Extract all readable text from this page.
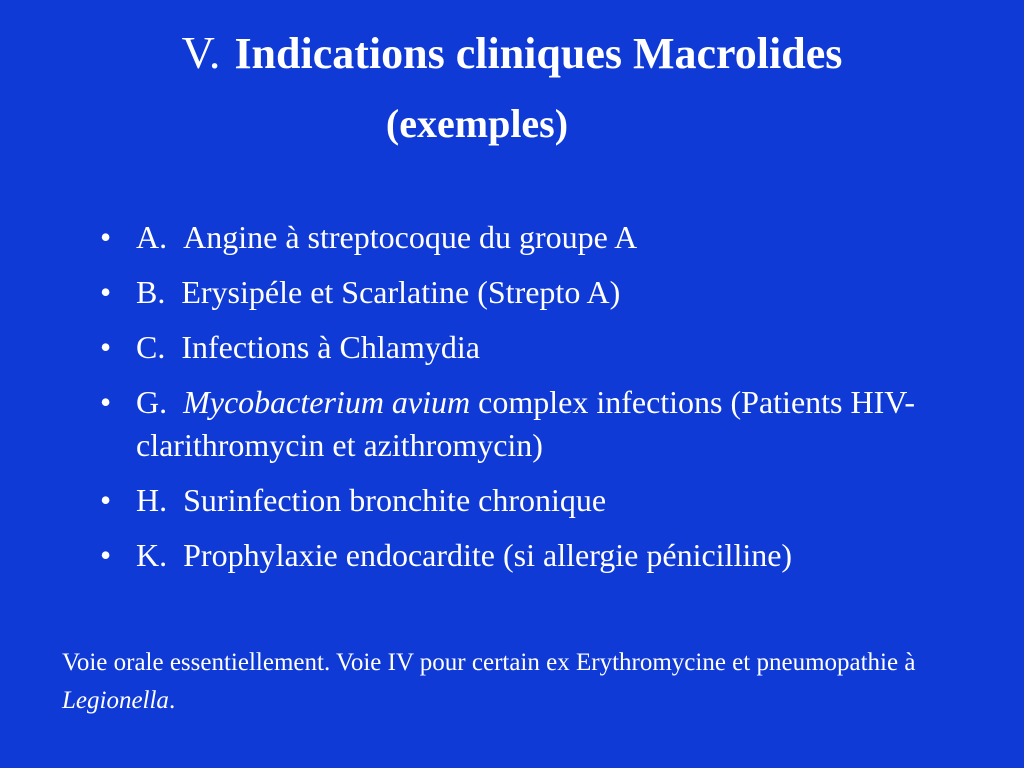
V. Indications cliniques Macrolides
(exemples)
• A. Angine à streptocoque du groupe A
• B. Erysipéle et Scarlatine (Strepto A)
• C. Infections à Chlamydia
• G. Mycobacterium avium complex infections (Patients HIV- clarithromycin et azithromycin)
• H. Surinfection bronchite chronique
• K. Prophylaxie endocardite (si allergie pénicilline)
Voie orale essentiellement. Voie IV pour certain ex Erythromycine et pneumopathie à Legionella.
